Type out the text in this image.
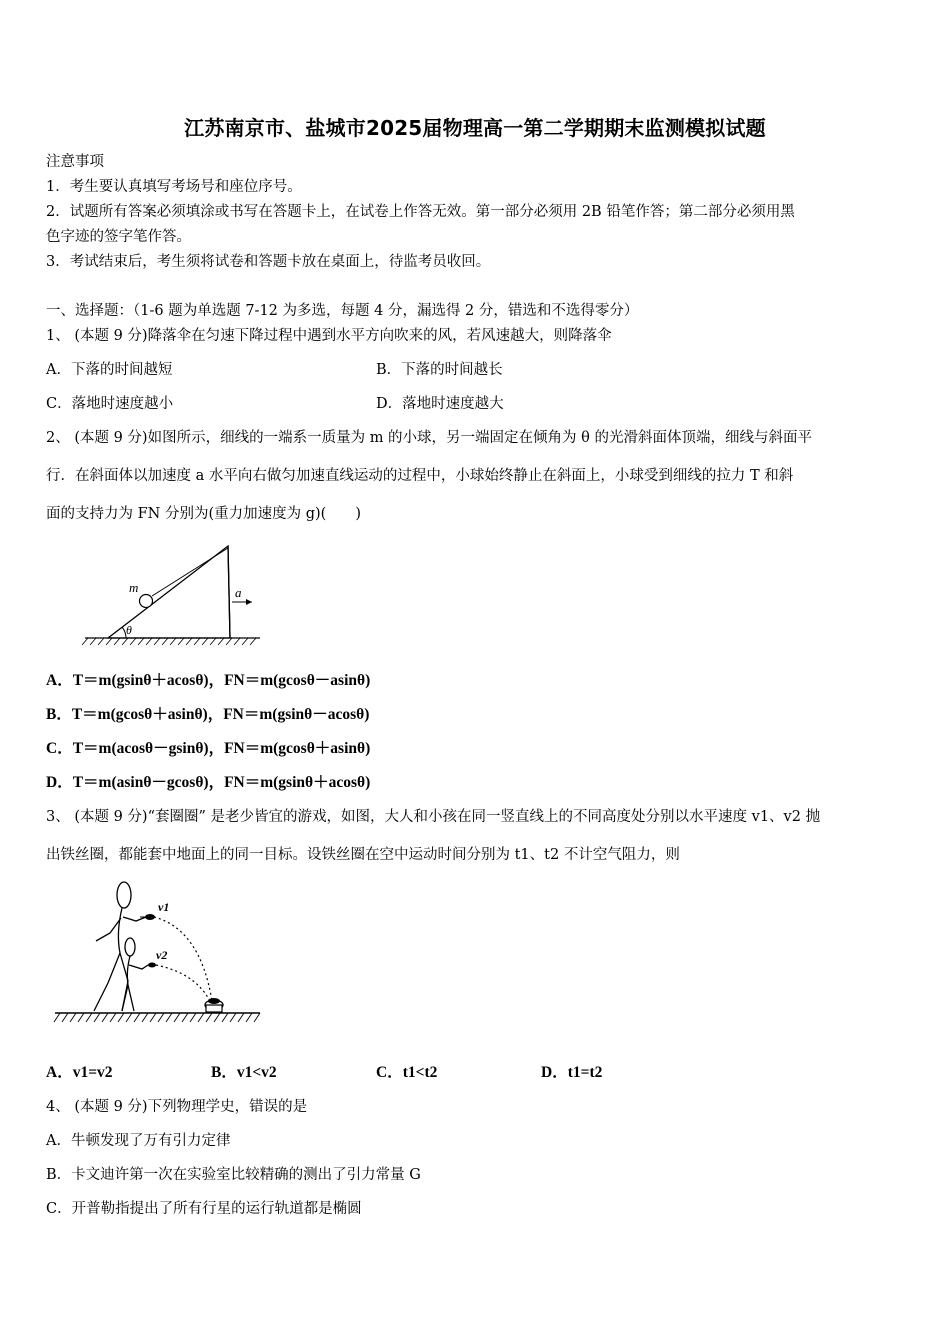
江苏南京市、盐城市2025届物理高一第二学期期末监测模拟试题
注意事项
1．考生要认真填写考场号和座位序号。
2．试题所有答案必须填涂或书写在答题卡上，在试卷上作答无效。第一部分必须用 2B 铅笔作答；第二部分必须用黑
色字迹的签字笔作答。
3．考试结束后，考生须将试卷和答题卡放在桌面上，待监考员收回。
一、选择题：（1-6 题为单选题 7-12 为多选，每题 4 分，漏选得 2 分，错选和不选得零分）
1、 (本题 9 分)降落伞在匀速下降过程中遇到水平方向吹来的风，若风速越大，则降落伞
A．下落的时间越短	B．下落的时间越长
C．落地时速度越小	D．落地时速度越大
2、 (本题 9 分)如图所示，细线的一端系一质量为 m 的小球，另一端固定在倾角为 θ 的光滑斜面体顶端，细线与斜面平
行．在斜面体以加速度 a 水平向右做匀加速直线运动的过程中，小球始终静止在斜面上，小球受到细线的拉力 T 和斜
面的支持力为 FN 分别为(重力加速度为 g)(　　)
m
θ
a
A．T＝m(gsinθ＋acosθ)，FN＝m(gcosθ－asinθ)
B．T＝m(gcosθ＋asinθ)，FN＝m(gsinθ－acosθ)
C．T＝m(acosθ－gsinθ)，FN＝m(gcosθ＋asinθ)
D．T＝m(asinθ－gcosθ)，FN＝m(gsinθ＋acosθ)
3、 (本题 9 分)“套圈圈” 是老少皆宜的游戏，如图，大人和小孩在同一竖直线上的不同高度处分别以水平速度 v1、v2 抛
出铁丝圈，都能套中地面上的同一目标。设铁丝圈在空中运动时间分别为 t1、t2 不计空气阻力，则
v1
v2
A．v1=v2	B．v1<v2	C．t1<t2	D．t1=t2
4、 (本题 9 分)下列物理学史，错误的是
A．牛顿发现了万有引力定律
B．卡文迪许第一次在实验室比较精确的测出了引力常量 G
C．开普勒指提出了所有行星的运行轨道都是椭圆
